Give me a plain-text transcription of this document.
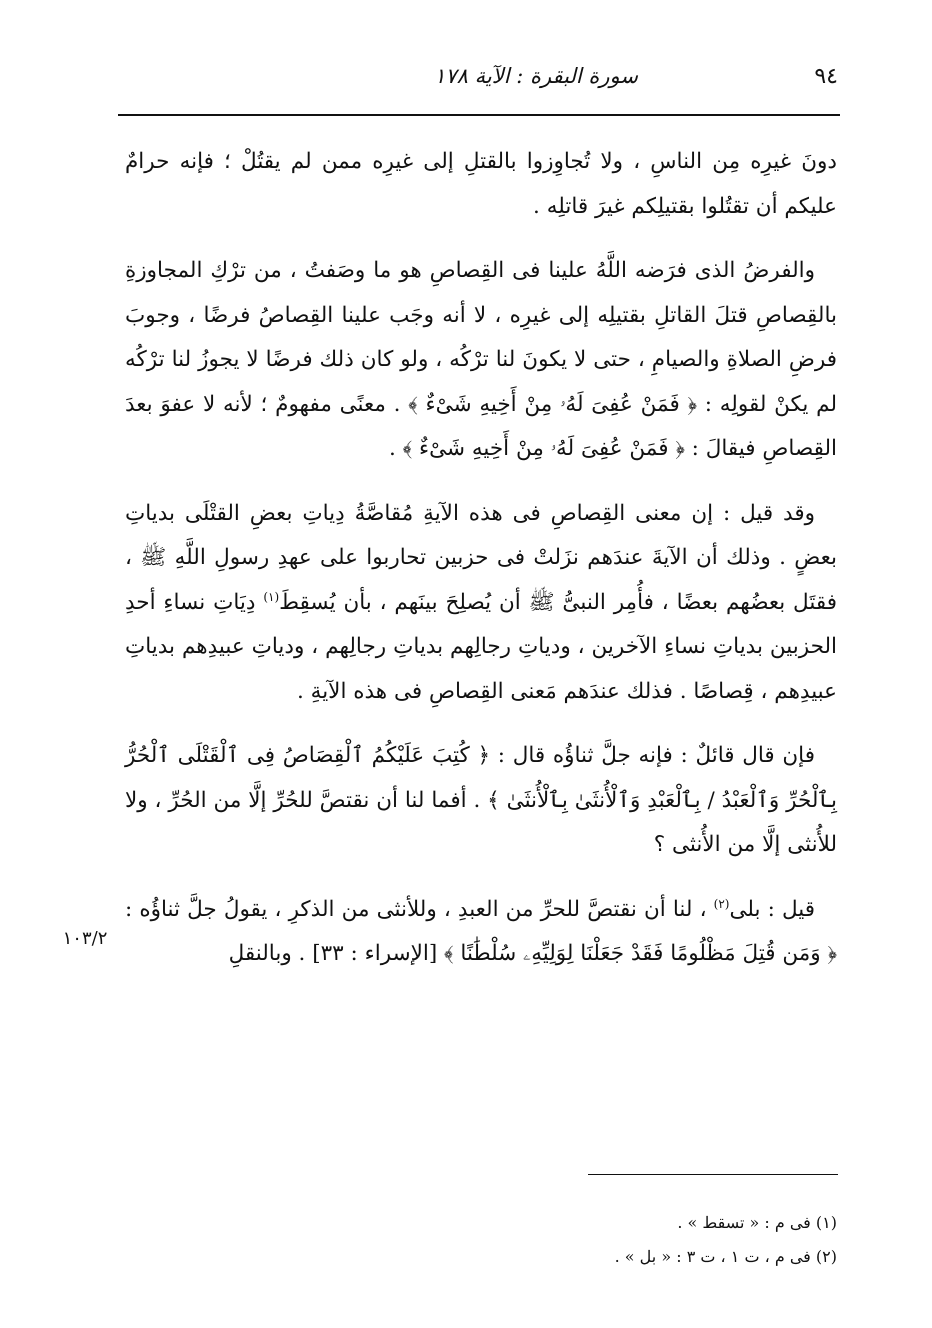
٩٤
سورة البقرة : الآية ١٧٨

دونَ غيرِه مِن الناسِ ، ولا تُجاوِزوا بالقتلِ إلى غيرِه ممن لم يقتُلْ ؛ فإنه حرامٌ عليكم أن تقتُلوا بقتيلِكم غيرَ قاتلِه .

والفرضُ الذى فرَضه اللَّهُ علينا فى القِصاصِ هو ما وصَفتُ ، من ترْكِ المجاوزةِ بالقِصاصِ قتلَ القاتلِ بقتيلِه إلى غيرِه ، لا أنه وجَب علينا القِصاصُ فرضًا ، وجوبَ فرضِ الصلاةِ والصيامِ ، حتى لا يكونَ لنا ترْكُه ، ولو كان ذلك فرضًا لا يجوزُ لنا ترْكُه لم يكنْ لقولِه : ﴿ فَمَنْ عُفِىَ لَهُۥ مِنْ أَخِيهِ شَىْءٌ ﴾ . معنًى مفهومٌ ؛ لأنه لا عفوَ بعدَ القِصاصِ فيقالَ : ﴿ فَمَنْ عُفِىَ لَهُۥ مِنْ أَخِيهِ شَىْءٌ ﴾ .

وقد قيل : إن معنى القِصاصِ فى هذه الآيةِ مُقاصَّةُ دِياتِ بعضِ القتْلَى بدياتِ بعضٍ . وذلك أن الآيةَ عندَهم نزَلتْ فى حزبين تحاربوا على عهدِ رسولِ اللَّهِ ﷺ ، فقتَل بعضُهم بعضًا ، فأُمِر النبىُّ ﷺ أن يُصلِحَ بينَهم ، بأن يُسقِطَ$^{(١)}$ دِيَاتِ نساءِ أحدِ الحزبين بدياتِ نساءِ الآخرين ، ودياتِ رجالِهم بدياتِ رجالِهم ، ودياتِ عبيدِهم بدياتِ عبيدِهم ، قِصاصًا . فذلك عندَهم مَعنى القِصاصِ فى هذه الآيةِ .

فإن قال قائلٌ : فإنه جلَّ ثناؤُه قال : ﴿ كُتِبَ عَلَيْكُمُ ٱلْقِصَاصُ فِى ٱلْقَتْلَى ٱلْحُرُّ بِٱلْحُرِّ وَٱلْعَبْدُ / بِٱلْعَبْدِ وَٱلْأُنثَىٰ بِٱلْأُنثَىٰ ﴾ . أفما لنا أن نقتصَّ للحُرِّ إلَّا من الحُرِّ ، ولا للأُنثى إلَّا من الأُنثى ؟

قيل : بلى$^{(٢)}$ ، لنا أن نقتصَّ للحرِّ من العبدِ ، وللأنثى من الذكرِ ، يقولُ جلَّ ثناؤُه : ﴿ وَمَن قُتِلَ مَظْلُومًا فَقَدْ جَعَلْنَا لِوَلِيِّهِۦ سُلْطَٰنًا ﴾ [الإسراء : ٣٣] . وبالنقلِ

١٠٣/٢
(١) فى م : « تسقط » .
(٢) فى م ، ت ١ ، ت ٣ : « بل » .
